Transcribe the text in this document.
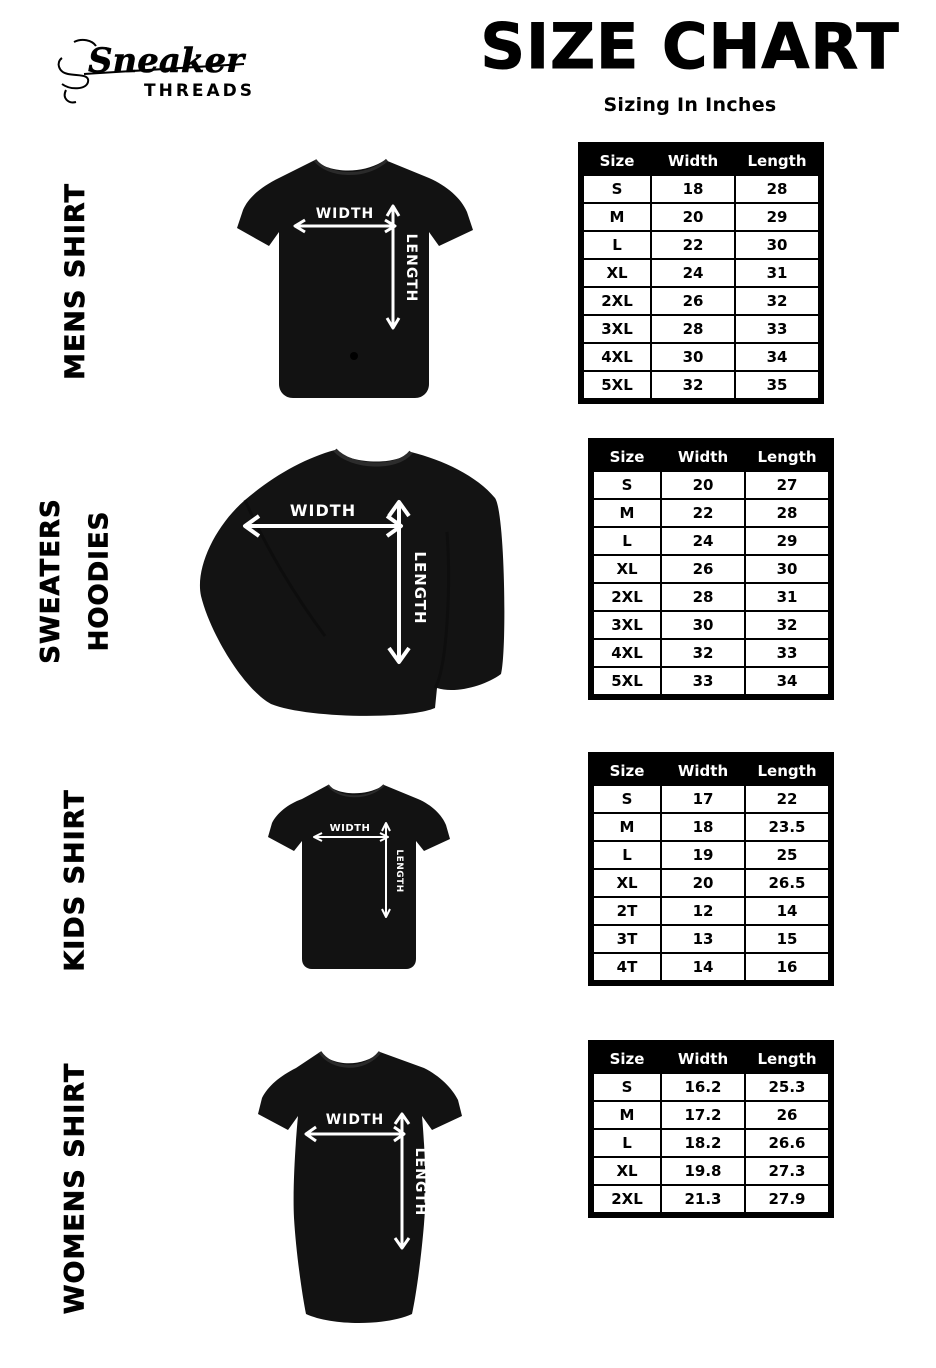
Sneaker
THREADS
SIZE CHART
Sizing In Inches
MENS SHIRT	WIDTH
LENGTH
Size	Width	Length
S	18	28
M	20	29
L	22	30
XL	24	31
2XL	26	32
3XL	28	33
4XL	30	34
5XL	32	35
SWEATERS HOODIES
WIDTH
LENGTH
Size	Width	Length
S	20	27
M	22	28
L	24	29
XL	26	30
2XL	28	31
3XL	30	32
4XL	32	33
5XL	33	34
KIDS SHIRT	WIDTH
LENGTH
Size	Width	Length
S	17	22
M	18	23.5
L	19	25
XL	20	26.5
2T	12	14
3T	13	15
4T	14	16
WOMENS SHIRT	WIDTH
LENGTH
Size	Width	Length
S	16.2	25.3
M	17.2	26
L	18.2	26.6
XL	19.8	27.3
2XL	21.3	27.9
